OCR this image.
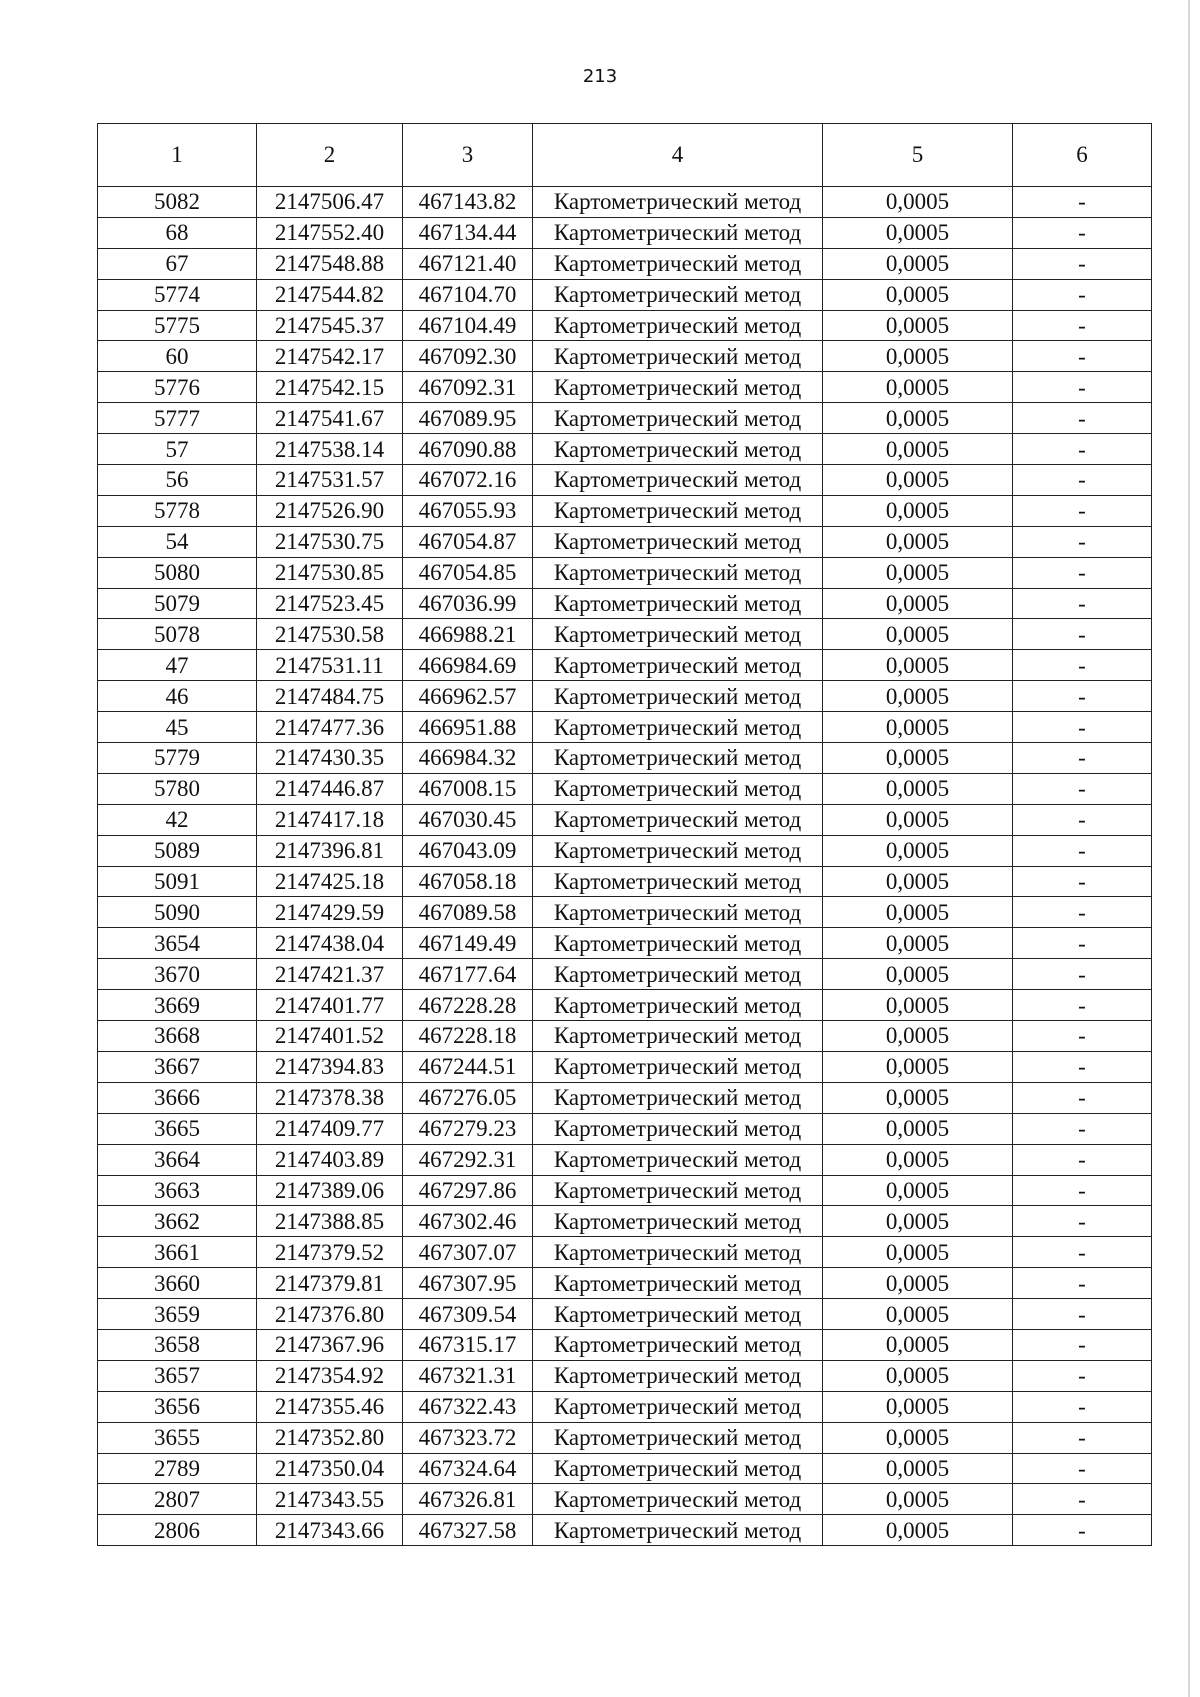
213
1	2	3	4	5	6
5082	2147506.47	467143.82	Картометрический метод	0,0005	-
68	2147552.40	467134.44	Картометрический метод	0,0005	-
67	2147548.88	467121.40	Картометрический метод	0,0005	-
5774	2147544.82	467104.70	Картометрический метод	0,0005	-
5775	2147545.37	467104.49	Картометрический метод	0,0005	-
60	2147542.17	467092.30	Картометрический метод	0,0005	-
5776	2147542.15	467092.31	Картометрический метод	0,0005	-
5777	2147541.67	467089.95	Картометрический метод	0,0005	-
57	2147538.14	467090.88	Картометрический метод	0,0005	-
56	2147531.57	467072.16	Картометрический метод	0,0005	-
5778	2147526.90	467055.93	Картометрический метод	0,0005	-
54	2147530.75	467054.87	Картометрический метод	0,0005	-
5080	2147530.85	467054.85	Картометрический метод	0,0005	-
5079	2147523.45	467036.99	Картометрический метод	0,0005	-
5078	2147530.58	466988.21	Картометрический метод	0,0005	-
47	2147531.11	466984.69	Картометрический метод	0,0005	-
46	2147484.75	466962.57	Картометрический метод	0,0005	-
45	2147477.36	466951.88	Картометрический метод	0,0005	-
5779	2147430.35	466984.32	Картометрический метод	0,0005	-
5780	2147446.87	467008.15	Картометрический метод	0,0005	-
42	2147417.18	467030.45	Картометрический метод	0,0005	-
5089	2147396.81	467043.09	Картометрический метод	0,0005	-
5091	2147425.18	467058.18	Картометрический метод	0,0005	-
5090	2147429.59	467089.58	Картометрический метод	0,0005	-
3654	2147438.04	467149.49	Картометрический метод	0,0005	-
3670	2147421.37	467177.64	Картометрический метод	0,0005	-
3669	2147401.77	467228.28	Картометрический метод	0,0005	-
3668	2147401.52	467228.18	Картометрический метод	0,0005	-
3667	2147394.83	467244.51	Картометрический метод	0,0005	-
3666	2147378.38	467276.05	Картометрический метод	0,0005	-
3665	2147409.77	467279.23	Картометрический метод	0,0005	-
3664	2147403.89	467292.31	Картометрический метод	0,0005	-
3663	2147389.06	467297.86	Картометрический метод	0,0005	-
3662	2147388.85	467302.46	Картометрический метод	0,0005	-
3661	2147379.52	467307.07	Картометрический метод	0,0005	-
3660	2147379.81	467307.95	Картометрический метод	0,0005	-
3659	2147376.80	467309.54	Картометрический метод	0,0005	-
3658	2147367.96	467315.17	Картометрический метод	0,0005	-
3657	2147354.92	467321.31	Картометрический метод	0,0005	-
3656	2147355.46	467322.43	Картометрический метод	0,0005	-
3655	2147352.80	467323.72	Картометрический метод	0,0005	-
2789	2147350.04	467324.64	Картометрический метод	0,0005	-
2807	2147343.55	467326.81	Картометрический метод	0,0005	-
2806	2147343.66	467327.58	Картометрический метод	0,0005	-
